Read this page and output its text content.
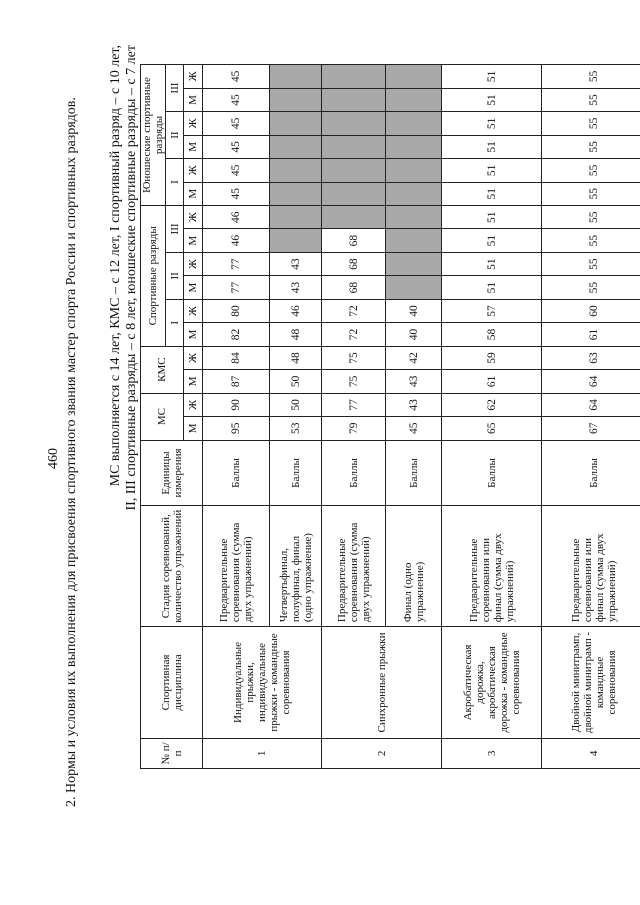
460 2. Нормы и условия их выполнения для присвоения спортивного звания мастер спорта России и спортивных разрядов. МС выполняется с 14 лет, КМС – с 12 лет, I спортивный разряд – с 10 лет, II, III спортивные разряды – с 8 лет, юношеские спортивные разряды – с 7 лет
№ п/п	Спортивная дисциплина	Стадия соревнований, количество упражнений	Единицы измерения	МС		КМС		Спортивные разряды						Юношеские спортивные разряды					
								I		II		III		I		II		III	
				М	Ж	М	Ж	М	Ж	М	Ж	М	Ж	М	Ж	М	Ж	М	Ж
1	Индивидуальные прыжки, индивидуальные прыжки - командные соревнования	Предварительные соревнования (сумма двух упражнений)	Баллы	95	90	87	84	82	80	77	77	46	46	45	45	45	45	45	45
		Четвертьфинал, полуфинал, финал (одно упражнение)	Баллы	53	50	50	48	48	46	43	43								
2	Синхронные прыжки	Предварительные соревнования (сумма двух упражнений)	Баллы	79	77	75	75	72	72	68	68	68							
		Финал (одно упражнение)	Баллы	45	43	43	42	40	40										
3	Акробатическая дорожка, акробатическая дорожка - командные соревнования	Предварительные соревнования или финал (сумма двух упражнений)	Баллы	65	62	61	59	58	57	51	51	51	51	51	51	51	51	51	51
4	Двойной минитрамп, двойной минитрамп - командные соревнования	Предварительные соревнования или финал (сумма двух упражнений)	Баллы	67	64	64	63	61	60	55	55	55	55	55	55	55	55	55	55
